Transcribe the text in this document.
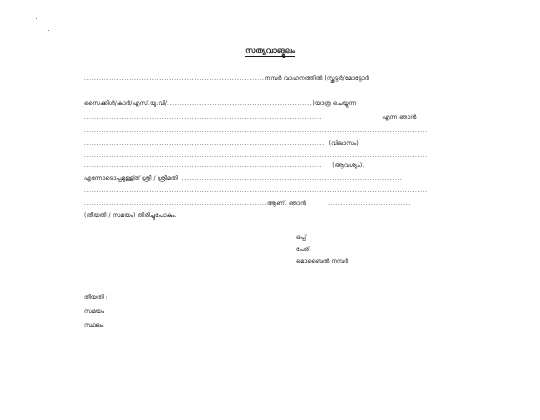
സത്യവാങ്മൂലം
........................................................................നമ്പർ വാഹനത്തിൽ (സ്കൂട്ടർ/മോട്ടോർ
സൈക്കിൾ/കാർ/എസ്.യു.വി/..........................................................)യാത്ര ചെയ്യുന്ന
...............................................................................................	എന്ന ഞാൻ
.........................................................................................................................................
................................................................................................ (വിലാസം)
.........................................................................................................................................
............................................................................................... (ആവശ്യം).
എന്നോടൊപ്പമുള്ള്ത് ശ്രീ / ശ്രീമതി ........................................................................................
.........................................................................................................................................
.........................................................................ആണ്. ഞാൻ	.................................
(തീയതി / സമയം) തിരിച്ചുപോകും.
ഒപ്പ്
പേര്
മൊബൈൽ നമ്പർ
തീയതി :
സമയം
സ്ഥലം
